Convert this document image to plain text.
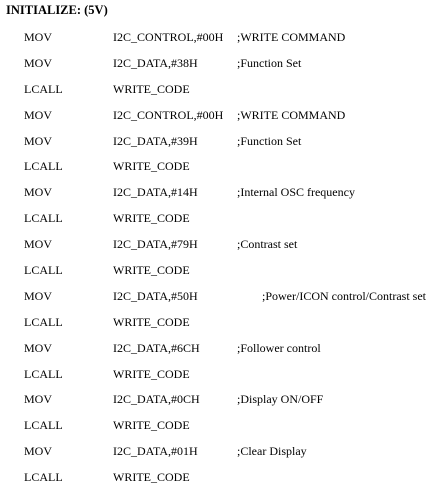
INITIALIZE: (5V)
MOV	I2C_CONTROL,#00H ;WRITE COMMAND
MOV	I2C_DATA,#38H	;Function Set
LCALL	WRITE_CODE
MOV	I2C_CONTROL,#00H ;WRITE COMMAND
MOV	I2C_DATA,#39H	;Function Set
LCALL	WRITE_CODE
MOV	I2C_DATA,#14H	;Internal OSC frequency
LCALL	WRITE_CODE
MOV	I2C_DATA,#79H	;Contrast set
LCALL	WRITE_CODE
MOV	I2C_DATA,#50H	;Power/ICON control/Contrast set
LCALL	WRITE_CODE
MOV	I2C_DATA,#6CH	;Follower control
LCALL	WRITE_CODE
MOV	I2C_DATA,#0CH	;Display ON/OFF
LCALL	WRITE_CODE
MOV	I2C_DATA,#01H	;Clear Display
LCALL	WRITE_CODE
